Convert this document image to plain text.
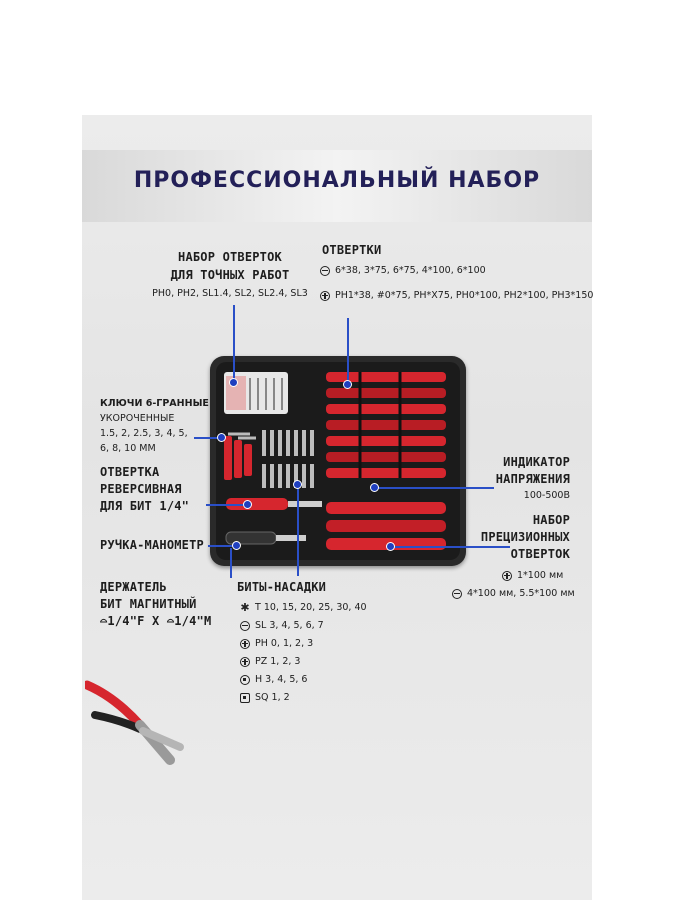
ПРОФЕССИОНАЛЬНЫЙ НАБОР
НАБОР ОТВЕРТОК
ДЛЯ ТОЧНЫХ РАБОТ
PH0, PH2, SL1.4, SL2, SL2.4, SL3
ОТВЕРТКИ
6*38, 3*75, 6*75, 4*100, 6*100
PH1*38, #0*75, PH*X75, PH0*100, PH2*100, PH3*150
КЛЮЧИ 6-ГРАННЫЕ
УКОРОЧЕННЫЕ
1.5, 2, 2.5, 3, 4, 5,
6, 8, 10 ММ
ОТВЕРТКА
РЕВЕРСИВНАЯ
ДЛЯ БИТ 1/4"
РУЧКА-МАНОМЕТР
ДЕРЖАТЕЛЬ
БИТ МАГНИТНЫЙ
⌓1/4"F X ⌓1/4"M
ИНДИКАТОР
НАПРЯЖЕНИЯ
100-500В
НАБОР
ПРЕЦИЗИОННЫХ
ОТВЕРТОК
1*100 мм
4*100 мм, 5.5*100 мм
БИТЫ-НАСАДКИ
✱ T 10, 15, 20, 25, 30, 40
SL 3, 4, 5, 6, 7
PH 0, 1, 2, 3
PZ 1, 2, 3
H 3, 4, 5, 6
SQ 1, 2
